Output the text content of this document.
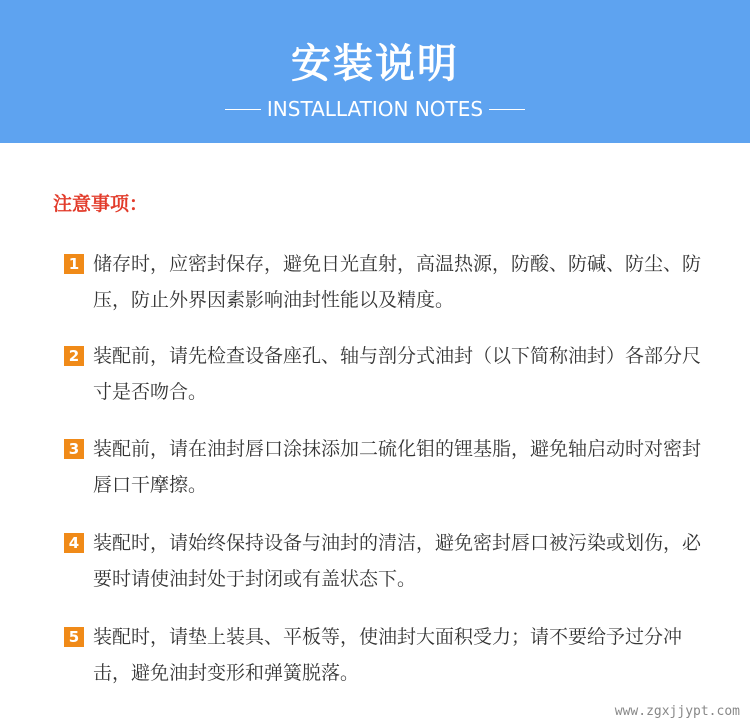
安装说明
INSTALLATION NOTES
注意事项：
1 储存时，应密封保存，避免日光直射，高温热源，防酸、防碱、防尘、防压，防止外界因素影响油封性能以及精度。
2 装配前，请先检查设备座孔、轴与剖分式油封（以下简称油封）各部分尺寸是否吻合。
3 装配前，请在油封唇口涂抹添加二硫化钼的锂基脂，避免轴启动时对密封唇口干摩擦。
4 装配时，请始终保持设备与油封的清洁，避免密封唇口被污染或划伤，必要时请使油封处于封闭或有盖状态下。
5 装配时，请垫上装具、平板等，使油封大面积受力；请不要给予过分冲击，避免油封变形和弹簧脱落。
www.zgxjjypt.com
